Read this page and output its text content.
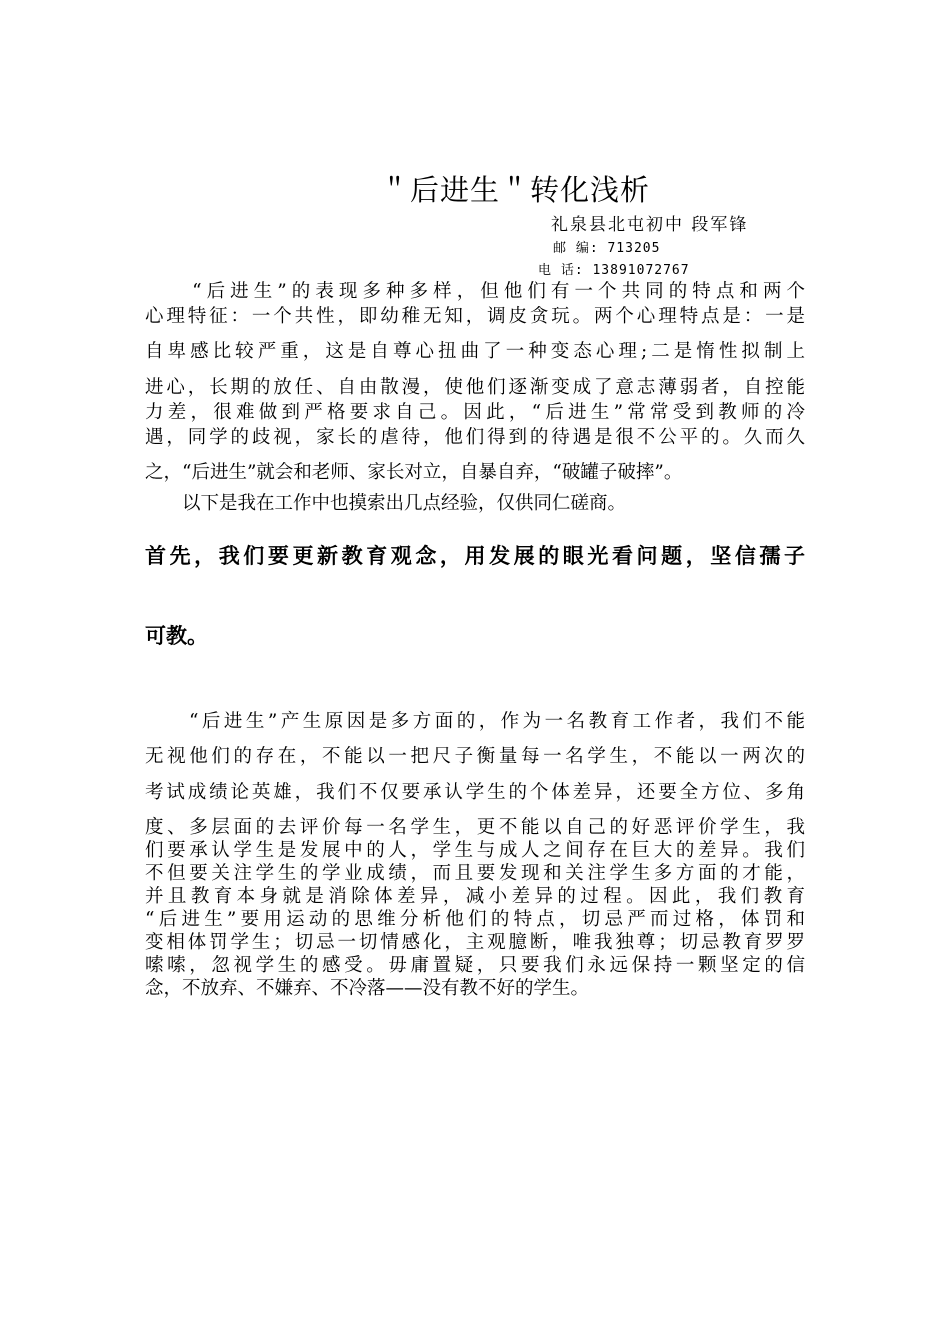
＂后进生＂转化浅析
礼泉县北屯初中 段军锋
邮 编: 713205
电 话: 13891072767
　　“后进生”的表现多种多样，但他们有一个共同的特点和两个
心理特征：一个共性，即幼稚无知，调皮贪玩。两个心理特点是：一是
自卑感比较严重，这是自尊心扭曲了一种变态心理;二是惰性拟制上
进心，长期的放任、自由散漫，使他们逐渐变成了意志薄弱者，自控能
力差，很难做到严格要求自己。因此，“后进生”常常受到教师的冷
遇，同学的歧视，家长的虐待，他们得到的待遇是很不公平的。久而久
之，“后进生”就会和老师、家长对立，自暴自弃，“破罐子破摔”。
　　以下是我在工作中也摸索出几点经验，仅供同仁磋商。
首先，我们要更新教育观念，用发展的眼光看问题，坚信孺子
可教。
　　“后进生”产生原因是多方面的，作为一名教育工作者，我们不能
无视他们的存在，不能以一把尺子衡量每一名学生，不能以一两次的
考试成绩论英雄，我们不仅要承认学生的个体差异，还要全方位、多角
度、多层面的去评价每一名学生，更不能以自己的好恶评价学生，我
们要承认学生是发展中的人，学生与成人之间存在巨大的差异。我们
不但要关注学生的学业成绩，而且要发现和关注学生多方面的才能，
并且教育本身就是消除体差异，减小差异的过程。因此，我们教育
“后进生”要用运动的思维分析他们的特点，切忌严而过格，体罚和
变相体罚学生；切忌一切情感化，主观臆断，唯我独尊；切忌教育罗罗
嗦嗦，忽视学生的感受。毋庸置疑，只要我们永远保持一颗坚定的信
念，不放弃、不嫌弃、不冷落——没有教不好的学生。
